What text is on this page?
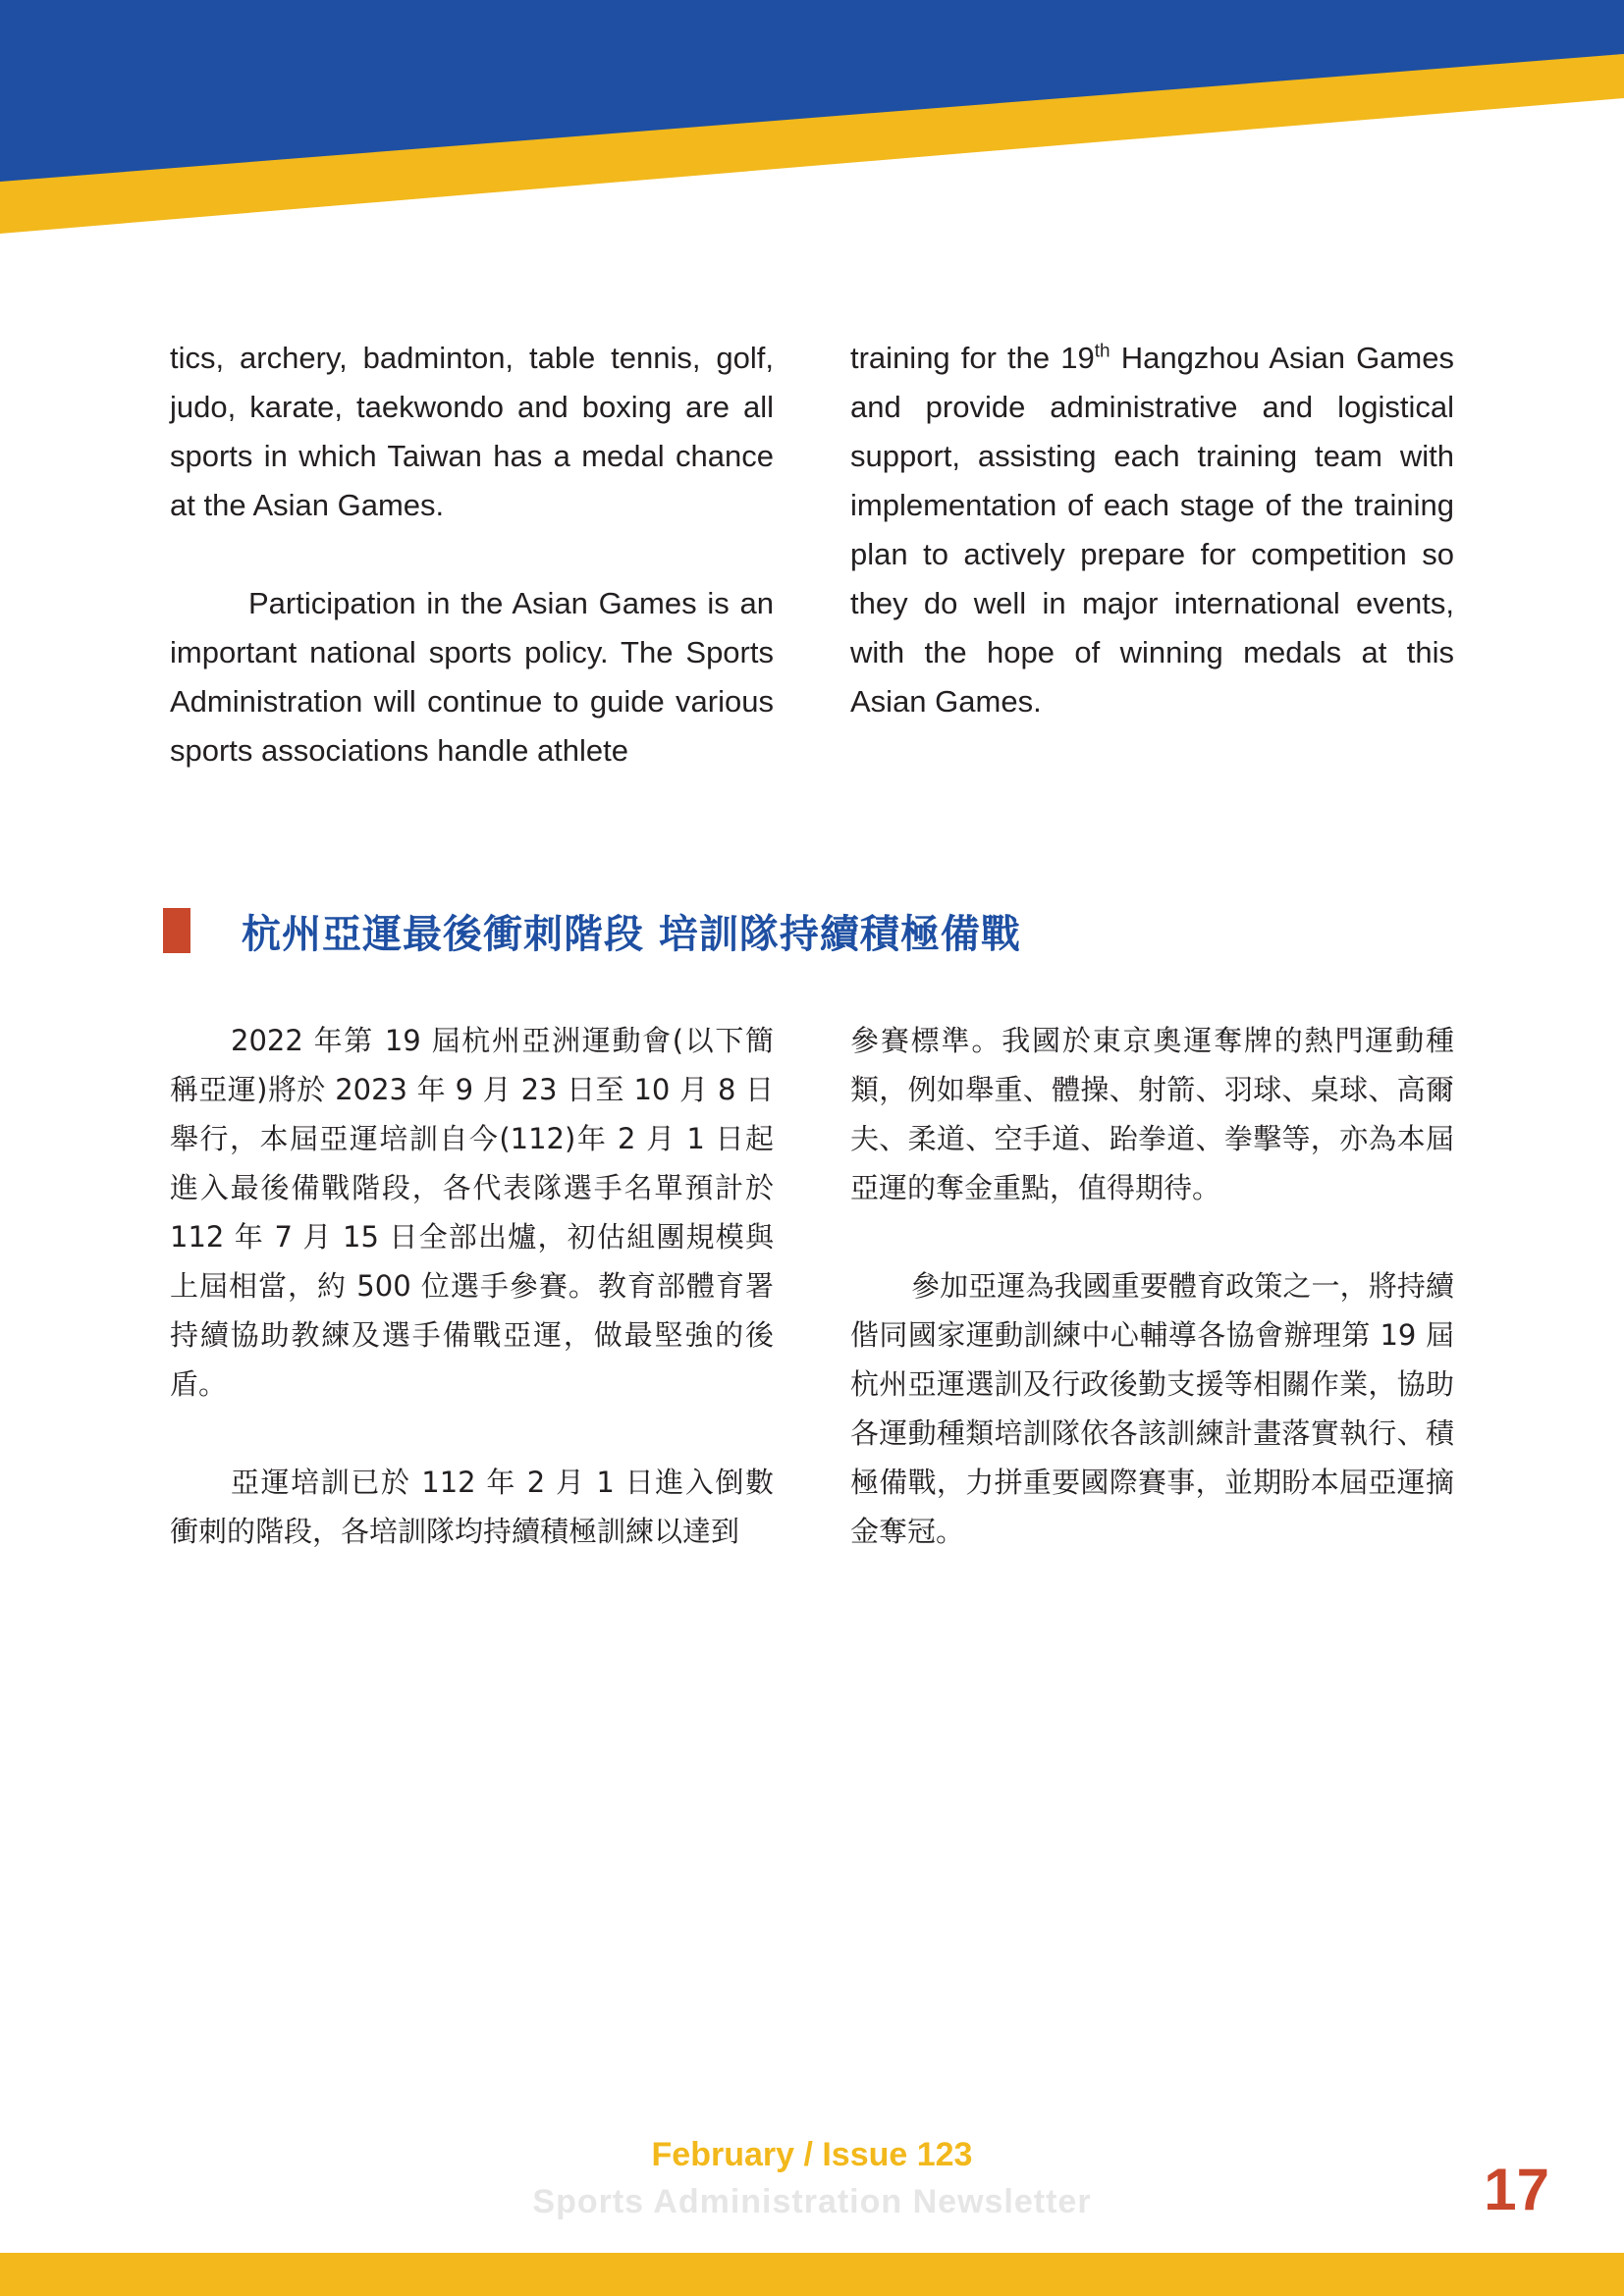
tics, archery, badminton, table tennis, golf, judo, karate, taekwondo and boxing are all sports in which Taiwan has a medal chance at the Asian Games.

Participation in the Asian Games is an important national sports policy. The Sports Administration will continue to guide various sports associations handle athlete

training for the 19th Hangzhou Asian Games and provide administrative and logistical support, assisting each training team with implementation of each stage of the training plan to actively prepare for competition so they do well in major international events, with the hope of winning medals at this Asian Games.

杭州亞運最後衝刺階段 培訓隊持續積極備戰

2022 年第 19 屆杭州亞洲運動會(以下簡稱亞運)將於 2023 年 9 月 23 日至 10 月 8 日舉行，本屆亞運培訓自今(112)年 2 月 1 日起進入最後備戰階段，各代表隊選手名單預計於 112 年 7 月 15 日全部出爐，初估組團規模與上屆相當，約 500 位選手參賽。教育部體育署持續協助教練及選手備戰亞運，做最堅強的後盾。

亞運培訓已於 112 年 2 月 1 日進入倒數衝刺的階段，各培訓隊均持續積極訓練以達到

參賽標準。我國於東京奧運奪牌的熱門運動種類，例如舉重、體操、射箭、羽球、桌球、高爾夫、柔道、空手道、跆拳道、拳擊等，亦為本屆亞運的奪金重點，值得期待。

參加亞運為我國重要體育政策之一，將持續偕同國家運動訓練中心輔導各協會辦理第 19 屆杭州亞運選訓及行政後勤支援等相關作業，協助各運動種類培訓隊依各該訓練計畫落實執行、積極備戰，力拼重要國際賽事，並期盼本屆亞運摘金奪冠。

February / Issue 123
Sports Administration Newsletter	17
